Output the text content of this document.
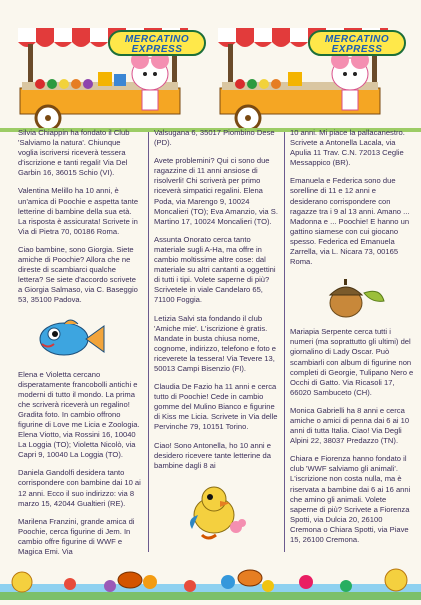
MERCATINO EXPRESS
MERCATINO EXPRESS

Silvia Chiappin ha fondato il Club 'Salviamo la natura'. Chiunque voglia iscriversi riceverà tessera d'iscrizione e tanti regali! Via Del Garbin 16, 36015 Schio (VI).

Valentina Melillo ha 10 anni, è un'amica di Poochie e aspetta tante letterine di bambine della sua età. La risposta è assicurata! Scrivete in Via di Pietra 70, 00186 Roma.

Ciao bambine, sono Giorgia. Siete amiche di Poochie? Allora che ne direste di scambiarci qualche lettera? Se siete d'accordo scrivete a Giorgia Salmaso, via C. Baseggio 53, 35100 Padova.

Elena e Violetta cercano disperatamente francobolli antichi e moderni di tutto il mondo. La prima che scriverà riceverà un regalino! Gradita foto. In cambio offrono figurine di Love me Licia e Zoologia. Elena Viotto, via Rossini 16, 10040 La Loggia (TO); Violetta Nicolò, via Capri 9, 10040 La Loggia (TO).

Daniela Gandolfi desidera tanto corrispondere con bambine dai 10 ai 12 anni. Ecco il suo indirizzo: via 8 marzo 15, 42044 Gualtieri (RE).

Marilena Franzini, grande amica di Poochie, cerca figurine di Jem. In cambio offre figurine di WWF e Magica Emi. Via

Valsugana 6, 35017 Piombino Dese (PD).

Avete problemini? Qui ci sono due ragazzine di 11 anni ansiose di risolverli! Chi scriverà per primo riceverà simpatici regalini. Elena Poda, via Marengo 9, 10024 Moncalieri (TO); Eva Amanzio, via S. Martino 17, 10024 Moncalieri (TO).

Assunta Onorato cerca tanto materiale sugli A-Ha, ma offre in cambio moltissime altre cose: dal materiale su altri cantanti a oggettini di tutti i tipi. Volete saperne di più? Scrivetele in viale Candelaro 65, 71100 Foggia.

Letizia Salvi sta fondando il club 'Amiche mie'. L'iscrizione è gratis. Mandate in busta chiusa nome, cognome, indirizzo, telefono e foto e riceverete la tessera! Via Tevere 13, 50013 Campi Bisenzio (FI).

Claudia De Fazio ha 11 anni e cerca tutto di Poochie! Cede in cambio gomme del Mulino Bianco e figurine di Kiss me Licia. Scrivete in Via delle Pervinche 79, 10151 Torino.

Ciao! Sono Antonella, ho 10 anni e desidero ricevere tante letterine da bambine dagli 8 ai

10 anni. Mi piace la pallacanestro. Scrivete a Antonella Lacala, via Apulia 11 Trav. C.N. 72013 Ceglie Messappico (BR).

Emanuela e Federica sono due sorelline di 11 e 12 anni e desiderano corrispondere con ragazze tra i 9 al 13 anni. Amano ... Madonna e ... Poochie! E hanno un gattino siamese con cui giocano spesso. Federica ed Emanuela Zarrella, via L. Nicara 73, 00165 Roma.

Mariapia Serpente cerca tutti i numeri (ma soprattutto gli ultimi) del giornalino di Lady Oscar. Può scambiarli con album di figurine non completi di Georgie, Tulipano Nero e Occhi di Gatto. Via Ricasoli 17, 66020 Sambuceto (CH).

Monica Gabrielli ha 8 anni e cerca amiche o amici di penna dai 6 ai 10 anni di tutta Italia. Ciao! Via Degli Alpini 22, 38037 Predazzo (TN).

Chiara e Fiorenza hanno fondato il club 'WWF salviamo gli animali'. L'iscrizione non costa nulla, ma è riservata a bambine dai 6 ai 16 anni che amino gli animali. Volete saperne di più? Scrivete a Fiorenza Spotti, via Dulcia 20, 26100 Cremona o Chiara Spotti, via Piave 15, 26100 Cremona.
